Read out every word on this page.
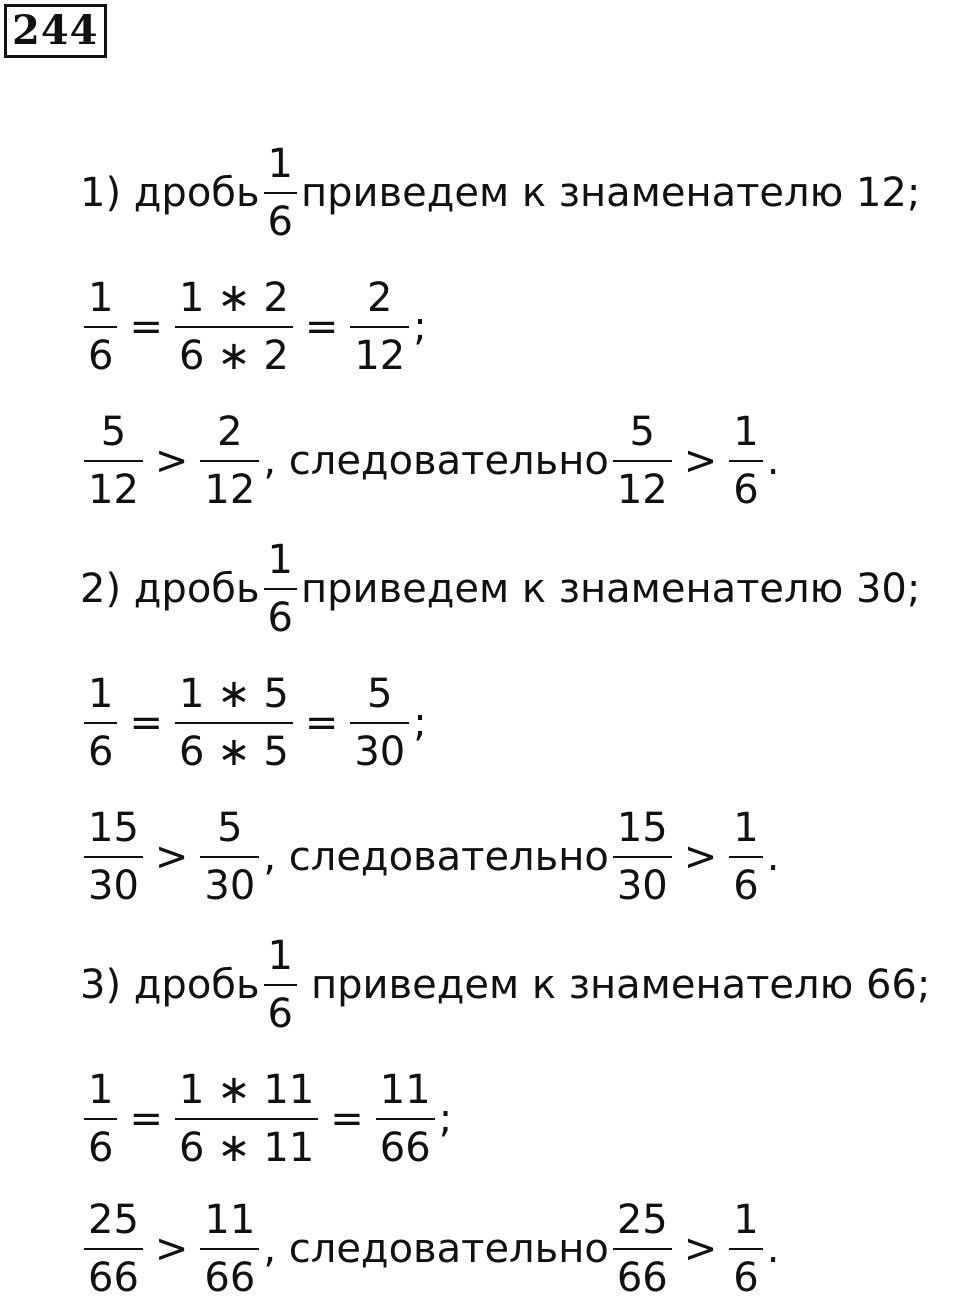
244
1) дробь $\frac{1}{6}$ приведем к знаменателю 12;
$\frac{1}{6} = \frac{1 ∗ 2}{6 ∗ 2} = \frac{2}{12}$ ;
$\frac{5}{12} > \frac{2}{12}$ , следовательно $\frac{5}{12} > \frac{1}{6}$ .
2) дробь $\frac{1}{6}$ приведем к знаменателю 30;
$\frac{1}{6} = \frac{1 ∗ 5}{6 ∗ 5} = \frac{5}{30}$ ;
$\frac{15}{30} > \frac{5}{30}$ , следовательно $\frac{15}{30} > \frac{1}{6}$ .
3) дробь $\frac{1}{6}$ приведем к знаменателю 66;
$\frac{1}{6} = \frac{1 ∗ 11}{6 ∗ 11} = \frac{11}{66}$ ;
$\frac{25}{66} > \frac{11}{66}$ , следовательно $\frac{25}{66} > \frac{1}{6}$ .
